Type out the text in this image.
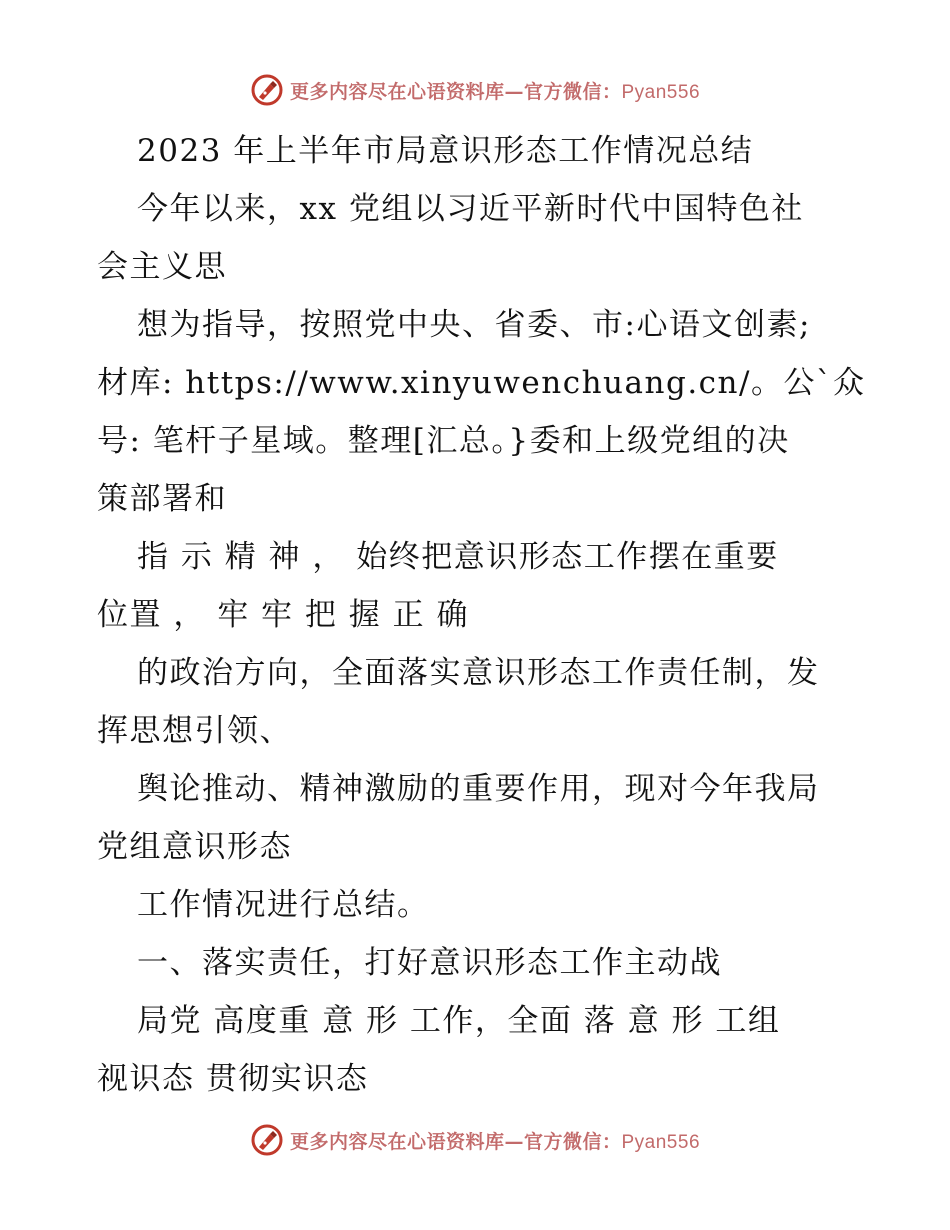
更多内容尽在心语资料库—官方微信：Pyan556
2023 年上半年市局意识形态工作情况总结
今年以来，xx 党组以习近平新时代中国特色社
会主义思
想为指导，按照党中央、省委、市:心语文创素;
材库: https://www.xinyuwenchuang.cn/。公`众
号: 笔杆子星域。整理[汇总。}委和上级党组的决
策部署和
指 示 精 神 ， 始终把意识形态工作摆在重要
位置 ， 牢 牢 把 握 正 确
的政治方向，全面落实意识形态工作责任制，发
挥思想引领、
舆论推动、精神激励的重要作用，现对今年我局
党组意识形态
工作情况进行总结。
一、落实责任，打好意识形态工作主动战
局党 高度重 意 形 工作，全面 落 意 形 工组
视识态 贯彻实识态
更多内容尽在心语资料库—官方微信：Pyan556
